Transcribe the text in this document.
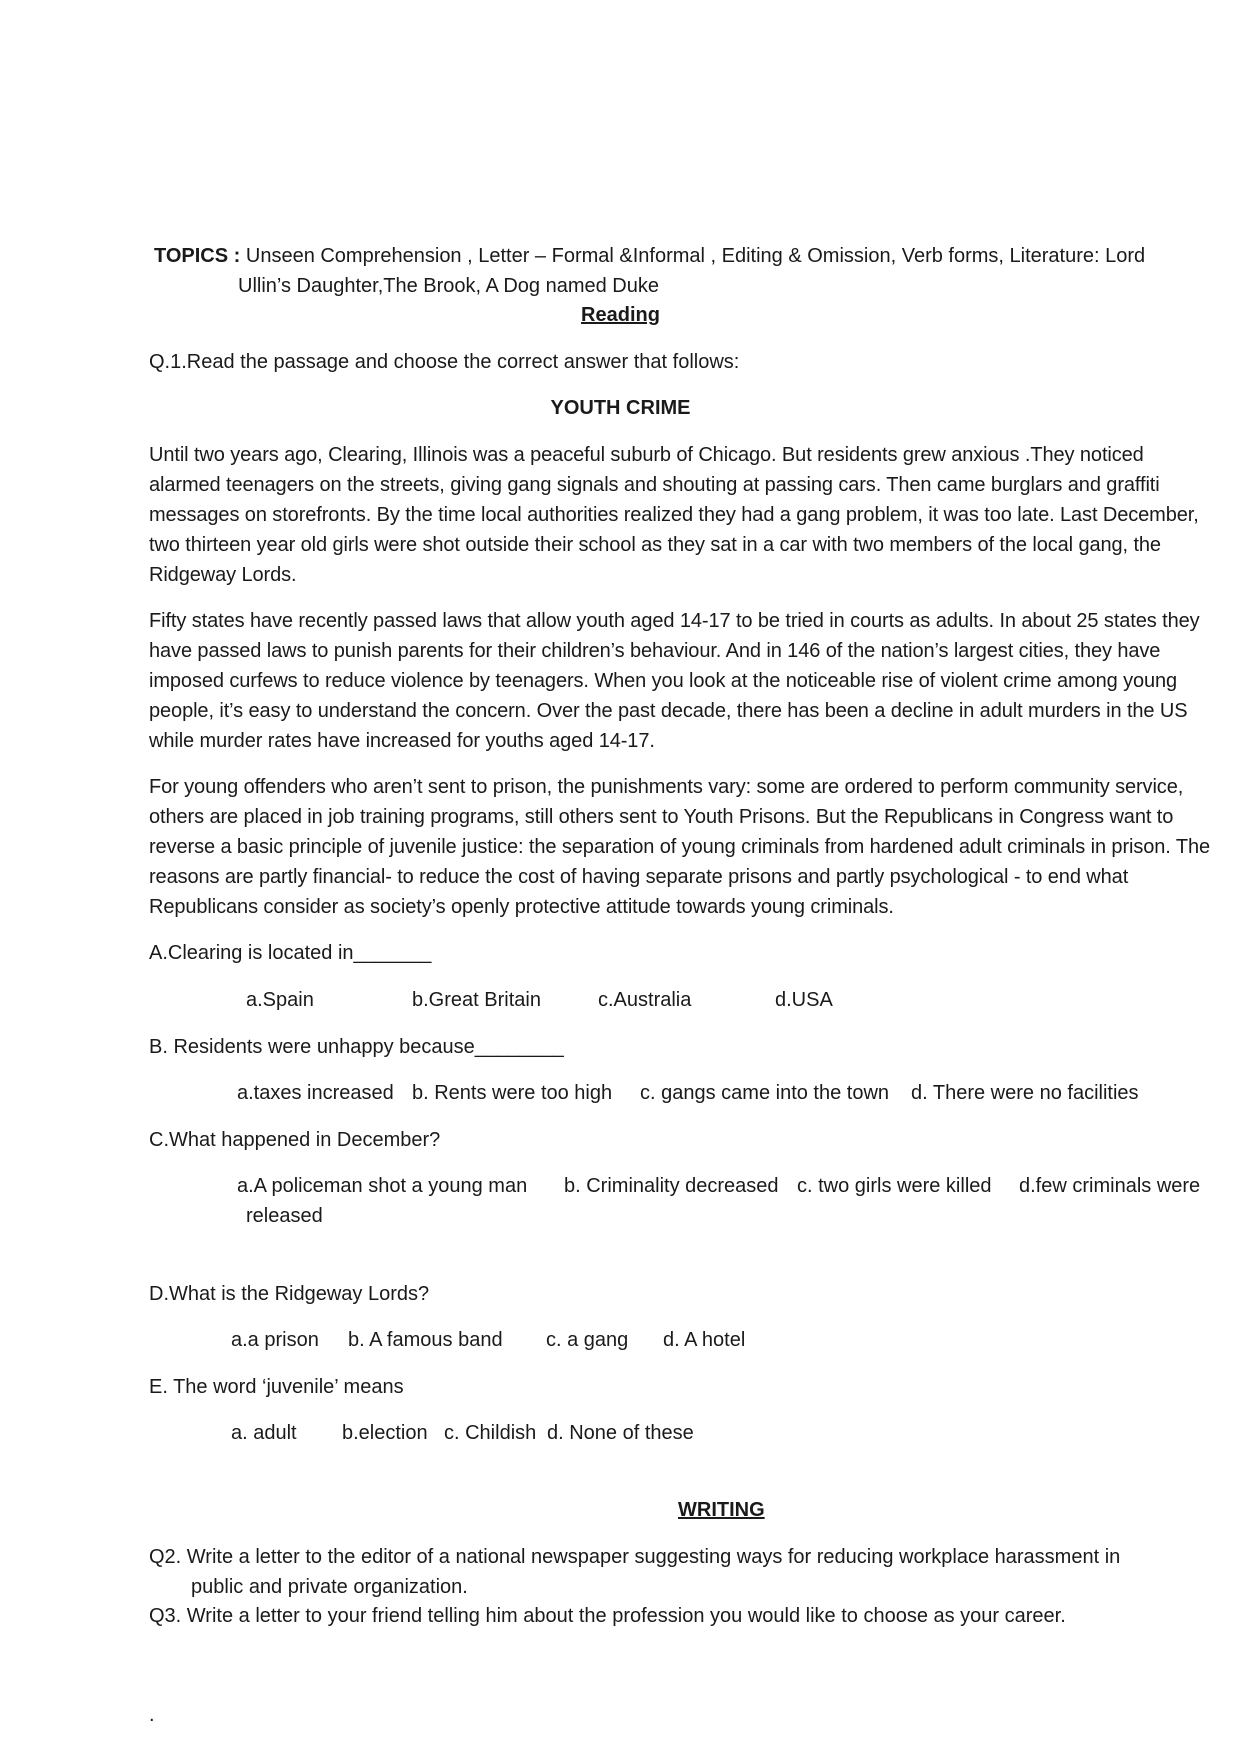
TOPICS : Unseen Comprehension , Letter – Formal &Informal , Editing & Omission, Verb forms, Literature: Lord
Ullin’s Daughter,The Brook, A Dog named Duke
Reading
Q.1.Read the passage and choose the correct answer that follows:
YOUTH CRIME
Until two years ago, Clearing, Illinois was a peaceful suburb of Chicago. But residents grew anxious .They noticed alarmed teenagers on the streets, giving gang signals and shouting at passing cars. Then came burglars and graffiti messages on storefronts. By the time local authorities realized they had a gang problem, it was too late. Last December, two thirteen year old girls were shot outside their school as they sat in a car with two members of the local gang, the Ridgeway Lords.
Fifty states have recently passed laws that allow youth aged 14-17 to be tried in courts as adults. In about 25 states they have passed laws to punish parents for their children’s behaviour. And in 146 of the nation’s largest cities, they have imposed curfews to reduce violence by teenagers. When you look at the noticeable rise of violent crime among young people, it’s easy to understand the concern. Over the past decade, there has been a decline in adult murders in the US while murder rates have increased for youths aged 14-17.
For young offenders who aren’t sent to prison, the punishments vary: some are ordered to perform community service, others are placed in job training programs, still others sent to Youth Prisons. But the Republicans in Congress want to reverse a basic principle of juvenile justice: the separation of young criminals from hardened adult criminals in prison. The reasons are partly financial- to reduce the cost of having separate prisons and partly psychological - to end what Republicans consider as society’s openly protective attitude towards young criminals.
A.Clearing is located in_______
a.Spain	b.Great Britain	c.Australia	d.USA
B. Residents were unhappy because________
a.taxes increased b. Rents were too high c. gangs came into the town d. There were no facilities
C.What happened in December?
a.A policeman shot a young man b. Criminality decreased c. two girls were killed d.few criminals were
released
D.What is the Ridgeway Lords?
a.a prison b. A famous band c. a gang d. A hotel
E. The word ‘juvenile’ means
a. adult b.election c. Childish d. None of these
WRITING
Q2. Write a letter to the editor of a national newspaper suggesting ways for reducing workplace harassment in
public and private organization.
Q3. Write a letter to your friend telling him about the profession you would like to choose as your career.
.
